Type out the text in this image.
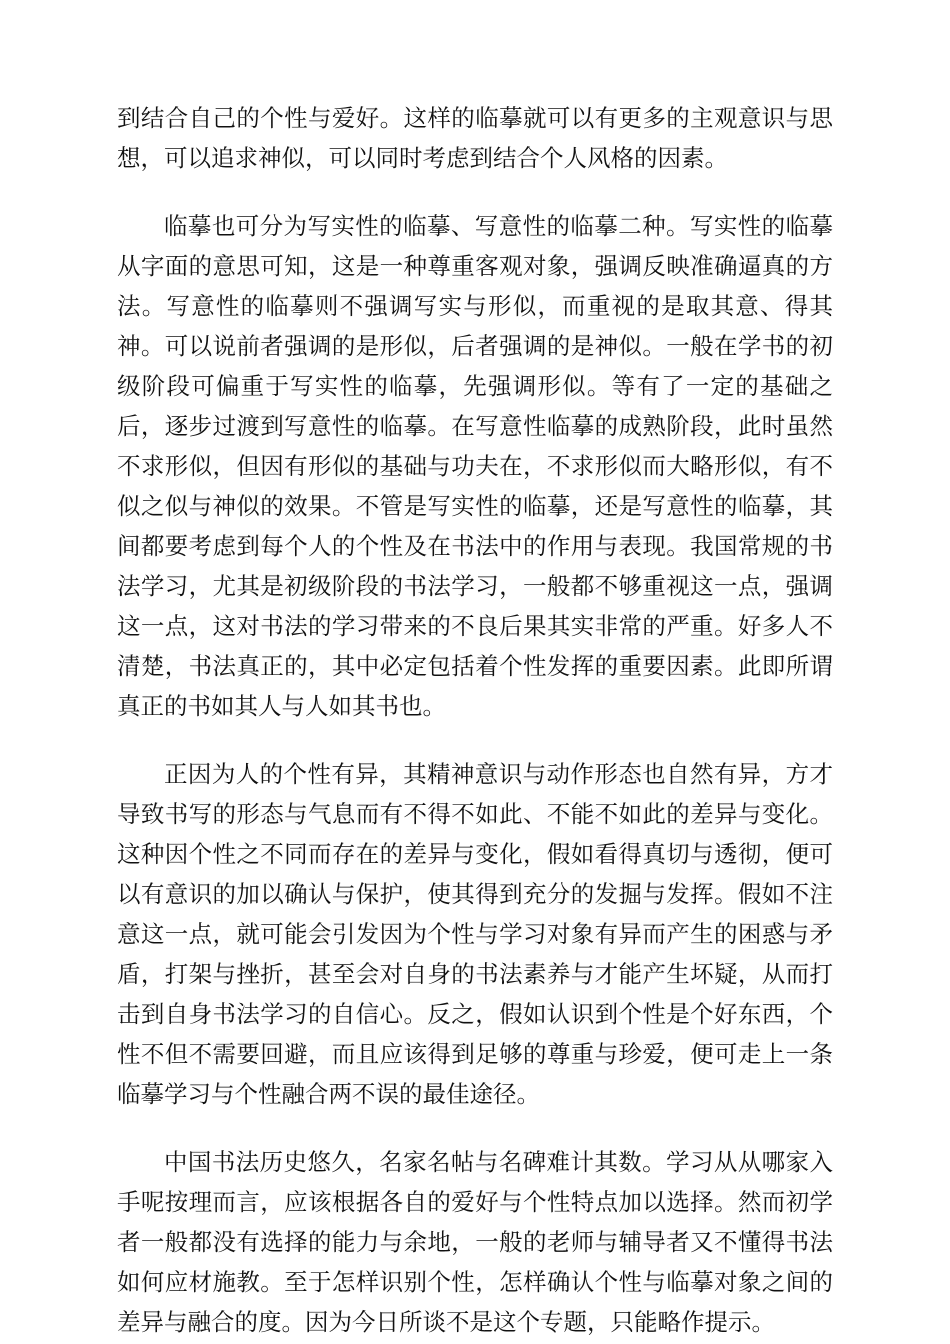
到结合自己的个性与爱好。这样的临摹就可以有更多的主观意识与思想，可以追求神似，可以同时考虑到结合个人风格的因素。

临摹也可分为写实性的临摹、写意性的临摹二种。写实性的临摹从字面的意思可知，这是一种尊重客观对象，强调反映准确逼真的方法。写意性的临摹则不强调写实与形似，而重视的是取其意、得其神。可以说前者强调的是形似，后者强调的是神似。一般在学书的初级阶段可偏重于写实性的临摹，先强调形似。等有了一定的基础之后，逐步过渡到写意性的临摹。在写意性临摹的成熟阶段，此时虽然不求形似，但因有形似的基础与功夫在，不求形似而大略形似，有不似之似与神似的效果。不管是写实性的临摹，还是写意性的临摹，其间都要考虑到每个人的个性及在书法中的作用与表现。我国常规的书法学习，尤其是初级阶段的书法学习，一般都不够重视这一点，强调这一点，这对书法的学习带来的不良后果其实非常的严重。好多人不清楚，书法真正的，其中必定包括着个性发挥的重要因素。此即所谓真正的书如其人与人如其书也。

正因为人的个性有异，其精神意识与动作形态也自然有异，方才导致书写的形态与气息而有不得不如此、不能不如此的差异与变化。这种因个性之不同而存在的差异与变化，假如看得真切与透彻，便可以有意识的加以确认与保护，使其得到充分的发掘与发挥。假如不注意这一点，就可能会引发因为个性与学习对象有异而产生的困惑与矛盾，打架与挫折，甚至会对自身的书法素养与才能产生坏疑，从而打击到自身书法学习的自信心。反之，假如认识到个性是个好东西，个性不但不需要回避，而且应该得到足够的尊重与珍爱，便可走上一条临摹学习与个性融合两不误的最佳途径。

中国书法历史悠久，名家名帖与名碑难计其数。学习从从哪家入手呢按理而言，应该根据各自的爱好与个性特点加以选择。然而初学者一般都没有选择的能力与余地，一般的老师与辅导者又不懂得书法如何应材施教。至于怎样识别个性，怎样确认个性与临摹对象之间的差异与融合的度。因为今日所谈不是这个专题，只能略作提示。
